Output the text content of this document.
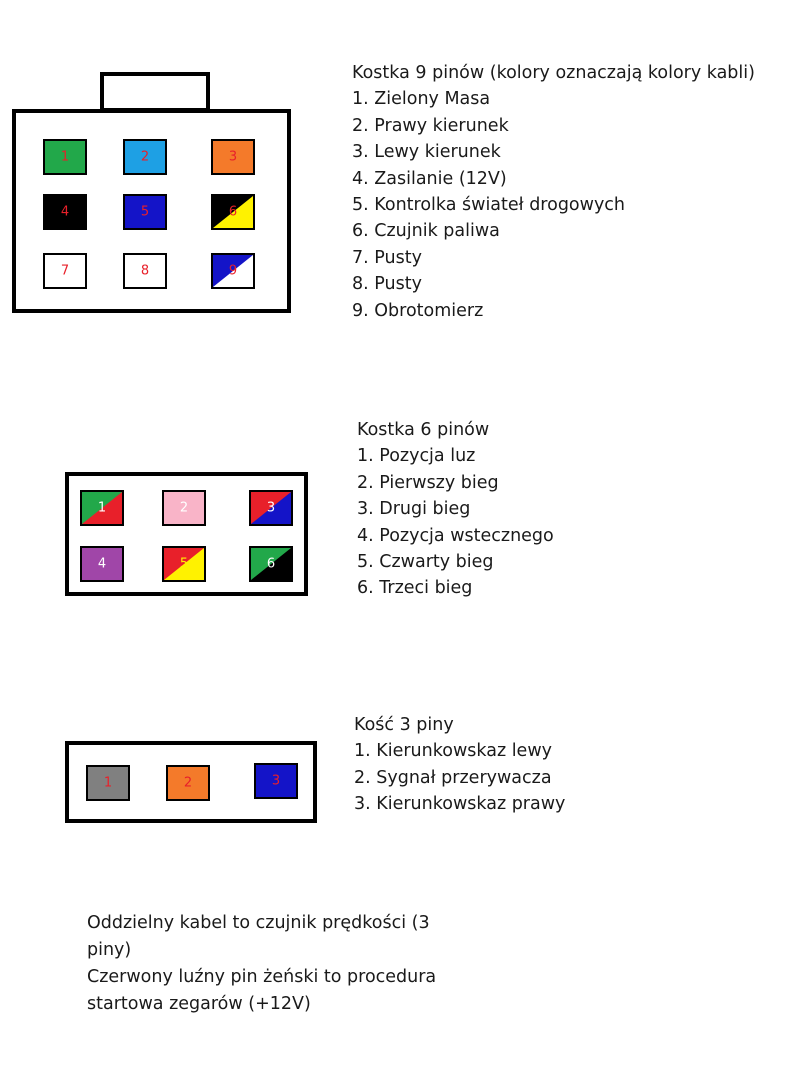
1	2	3
4	5	6
7	8	9
Kostka 9 pinów (kolory oznaczają kolory kabli)
1. Zielony Masa
2. Prawy kierunek
3. Lewy kierunek
4. Zasilanie (12V)
5. Kontrolka świateł drogowych
6. Czujnik paliwa
7. Pusty
8. Pusty
9. Obrotomierz
1	2	3
4	5	6
Kostka 6 pinów
1. Pozycja luz
2. Pierwszy bieg
3. Drugi bieg
4. Pozycja wstecznego
5. Czwarty bieg
6. Trzeci bieg
1	2	3
Kość 3 piny
1. Kierunkowskaz lewy
2. Sygnał przerywacza
3. Kierunkowskaz prawy
Oddzielny kabel to czujnik prędkości (3 piny)
Czerwony luźny pin żeński to procedura startowa zegarów (+12V)
